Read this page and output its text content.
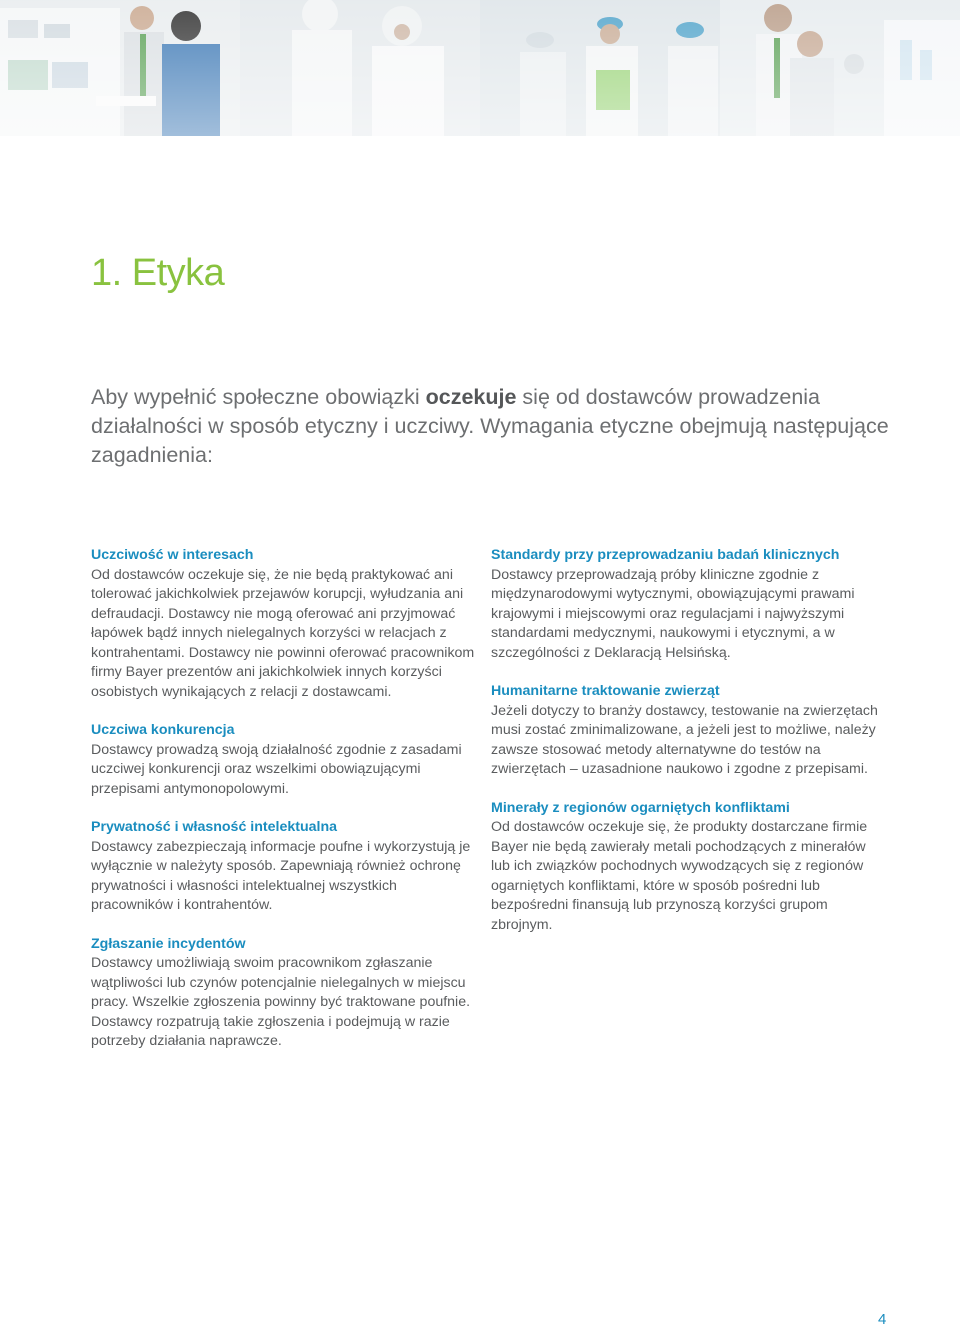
1. Etyka

Aby wypełnić społeczne obowiązki oczekuje się od dostawców prowadzenia działalności w sposób etyczny i uczciwy. Wymagania etyczne obejmują następujące zagadnienia:

Uczciwość w interesach

Od dostawców oczekuje się, że nie będą praktykować ani tolerować jakichkolwiek przejawów korupcji, wyłudzania ani defraudacji. Dostawcy nie mogą oferować ani przyjmować łapówek bądź innych nielegalnych korzyści w relacjach z kontrahentami. Dostawcy nie powinni oferować pracownikom firmy Bayer prezentów ani jakichkolwiek innych korzyści osobistych wynikających z relacji z dostawcami.

Uczciwa konkurencja

Dostawcy prowadzą swoją działalność zgodnie z zasadami uczciwej konkurencji oraz wszelkimi obowiązującymi przepisami antymonopolowymi.

Prywatność i własność intelektualna

Dostawcy zabezpieczają informacje poufne i wykorzystują je wyłącznie w należyty sposób. Zapewniają również ochronę prywatności i własności intelektualnej wszystkich pracowników i kontrahentów.

Zgłaszanie incydentów

Dostawcy umożliwiają swoim pracownikom zgłaszanie wątpliwości lub czynów potencjalnie nielegalnych w miejscu pracy. Wszelkie zgłoszenia powinny być traktowane poufnie. Dostawcy rozpatrują takie zgłoszenia i podejmują w razie potrzeby działania naprawcze.

Standardy przy przeprowadzaniu badań klinicznych

Dostawcy przeprowadzają próby kliniczne zgodnie z międzynarodowymi wytycznymi, obowiązującymi prawami krajowymi i miejscowymi oraz regulacjami i najwyższymi standardami medycznymi, naukowymi i etycznymi, a w szczególności z Deklaracją Helsińską.

Humanitarne traktowanie zwierząt

Jeżeli dotyczy to branży dostawcy, testowanie na zwierzętach musi zostać zminimalizowane, a jeżeli jest to możliwe, należy zawsze stosować metody alternatywne do testów na zwierzętach – uzasadnione naukowo i zgodne z przepisami.

Minerały z regionów ogarniętych konfliktami

Od dostawców oczekuje się, że produkty dostarczane firmie Bayer nie będą zawierały metali pochodzących z minerałów lub ich związków pochodnych wywodzących się z regionów ogarniętych konfliktami, które w sposób pośredni lub bezpośredni finansują lub przynoszą korzyści grupom zbrojnym.

4
